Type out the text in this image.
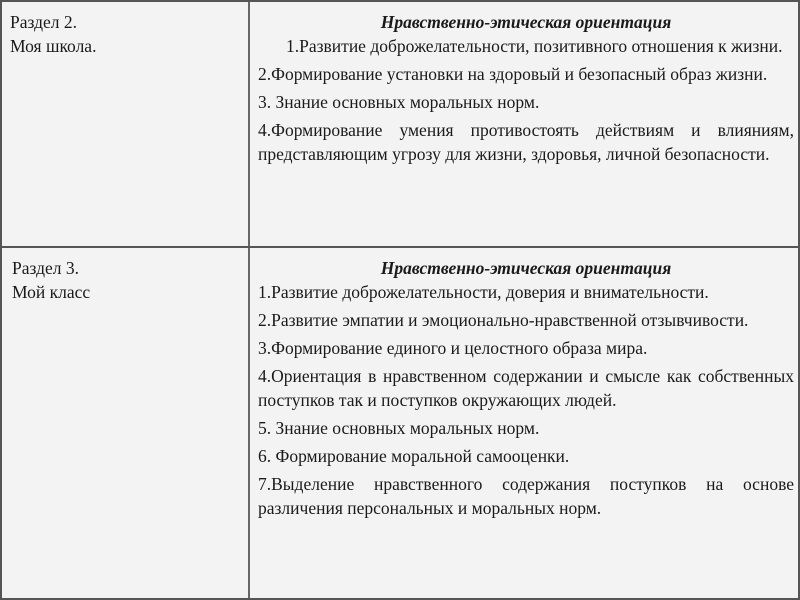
Раздел 2.
Моя школа.

Нравственно-этическая ориентация

1.Развитие доброжелательности, позитивного отношения к жизни.

2.Формирование установки на здоровый и безопасный образ жизни.

3. Знание основных моральных норм.

4.Формирование умения противостоять действиям и влияниям, представляющим угрозу для жизни, здоровья, личной безопасности.

Раздел 3.
Мой класс

Нравственно-этическая ориентация

1.Развитие доброжелательности, доверия и внимательности.

2.Развитие эмпатии и эмоционально-нравственной отзывчивости.

3.Формирование единого и целостного образа мира.

4.Ориентация в нравственном содержании и смысле как собственных поступков так и поступков окружающих людей.

5. Знание основных моральных норм.

6. Формирование моральной самооценки.

7.Выделение нравственного содержания поступков на основе различения персональных и моральных норм.
